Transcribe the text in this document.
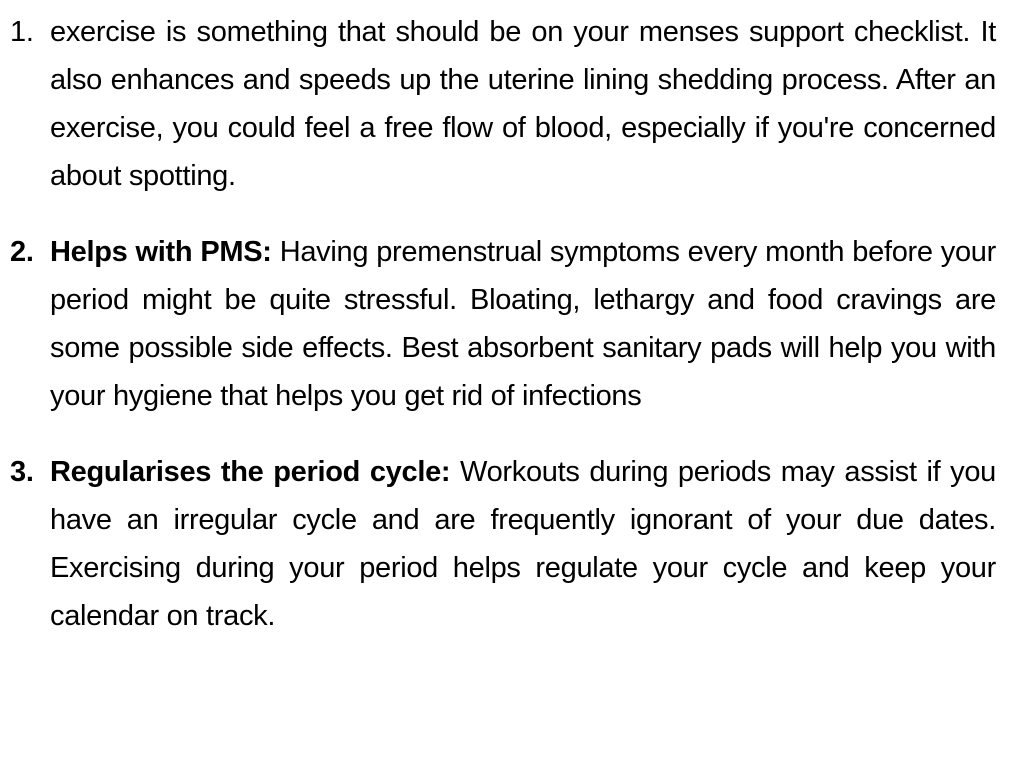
1. exercise is something that should be on your menses support checklist. It also enhances and speeds up the uterine lining shedding process. After an exercise, you could feel a free flow of blood, especially if you're concerned about spotting.
2. Helps with PMS: Having premenstrual symptoms every month before your period might be quite stressful. Bloating, lethargy and food cravings are some possible side effects. Best absorbent sanitary pads will help you with your hygiene that helps you get rid of infections
3. Regularises the period cycle: Workouts during periods may assist if you have an irregular cycle and are frequently ignorant of your due dates. Exercising during your period helps regulate your cycle and keep your calendar on track.
